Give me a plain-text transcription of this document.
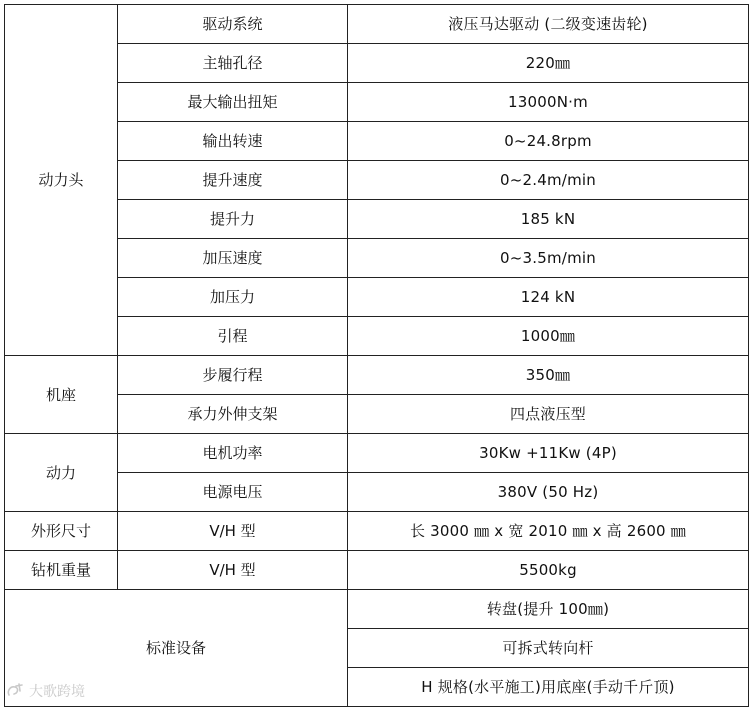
动力头	驱动系统	液压马达驱动 (二级变速齿轮)
	主轴孔径	220㎜
	最大输出扭矩	13000N·m
	输出转速	0~24.8rpm
	提升速度	0~2.4m/min
	提升力	185 kN
	加压速度	0~3.5m/min
	加压力	124 kN
	引程	1000㎜
机座	步履行程	350㎜
	承力外伸支架	四点液压型
动力	电机功率	30Kw +11Kw (4P)
	电源电压	380V (50 Hz)
外形尺寸	V/H 型	长 3000 ㎜ x 宽 2010 ㎜ x 高 2600 ㎜
钻机重量	V/H 型	5500kg
标准设备		转盘(提升 100㎜)
		可拆式转向杆
		H 规格(水平施工)用底座(手动千斤顶)
大歌跨境
